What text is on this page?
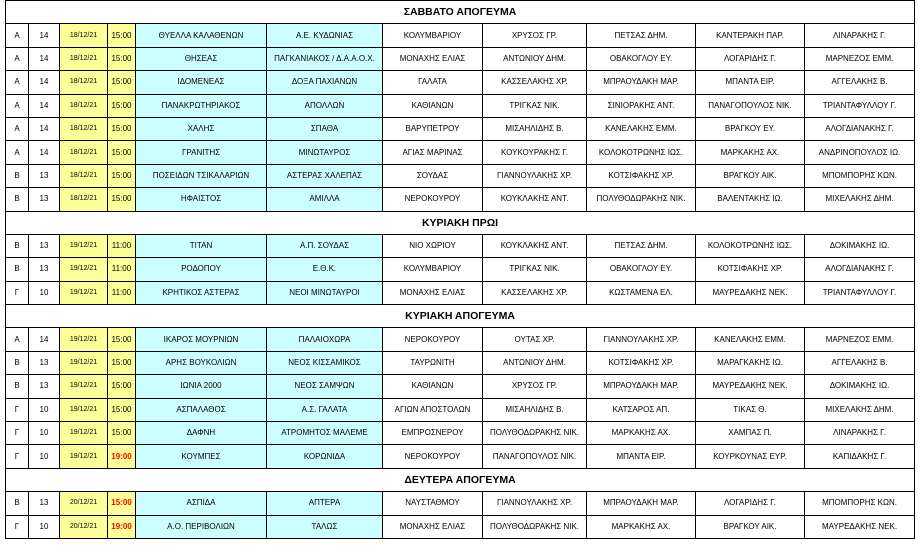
ΣΑΒΒΑΤΟ ΑΠΟΓΕΥΜΑ										
Α	14	18/12/21	15:00	ΘΥΕΛΛΑ ΚΑΛΑΘΕΝΩΝ	Α.Ε. ΚΥΔΩΝΙΑΣ	ΚΟΛΥΜΒΑΡΙΟΥ	ΧΡΥΣΟΣ ΓΡ.	ΠΕΤΣΑΣ ΔΗΜ.	ΚΑΝΤΕΡΑΚΗ ΠΑΡ.	ΛΙΝΑΡΑΚΗΣ Γ.
Α	14	18/12/21	15:00	ΘΗΣΕΑΣ	ΠΑΓΚΑΝΙΑΚΟΣ / Δ.Α.Α.Ο.Χ.	ΜΟΝΑΧΗΣ ΕΛΙΑΣ	ΑΝΤΩΝΙΟΥ ΔΗΜ.	ΟΒΑΚΟΓΛΟΥ ΕΥ.	ΛΟΓΑΡΙΔΗΣ Γ.	ΜΑΡΝΕΖΟΣ ΕΜΜ.
Α	14	18/12/21	15:00	ΙΔΟΜΕΝΕΑΣ	ΔΟΞΑ ΠΑΧΙΑΝΩΝ	ΓΑΛΑΤΑ	ΚΑΣΣΕΛΑΚΗΣ ΧΡ.	ΜΠΡΑΟΥΔΑΚΗ ΜΑΡ.	ΜΠΑΝΤΑ ΕΙΡ.	ΑΓΓΕΛΑΚΗΣ Β.
Α	14	18/12/21	15:00	ΠΑΝΑΚΡΩΤΗΡΙΑΚΟΣ	ΑΠΟΛΛΩΝ	ΚΑΘΙΑΝΩΝ	ΤΡΙΓΚΑΣ ΝΙΚ.	ΣΙΝΙΟΡΑΚΗΣ ΑΝΤ.	ΠΑΝΑΓΟΠΟΥΛΟΣ ΝΙΚ.	ΤΡΙΑΝΤΑΦΥΛΛΟΥ Γ.
Α	14	18/12/21	15:00	ΧΑΛΗΣ	ΣΠΑΘΑ	ΒΑΡΥΠΕΤΡΟΥ	ΜΙΣΑΗΛΙΔΗΣ Β.	ΚΑΝΕΛΑΚΗΣ ΕΜΜ.	ΒΡΑΓΚΟΥ ΕΥ.	ΑΛΟΓΔΙΑΝΑΚΗΣ Γ.
Α	14	18/12/21	15:00	ΓΡΑΝΙΤΗΣ	ΜΙΝΩΤΑΥΡΟΣ	ΑΓΙΑΣ ΜΑΡΙΝΑΣ	ΚΟΥΚΟΥΡΑΚΗΣ Γ.	ΚΟΛΟΚΟΤΡΩΝΗΣ ΙΩΣ.	ΜΑΡΚΑΚΗΣ ΑΧ.	ΑΝΔΡΙΝΟΠΟΥΛΟΣ ΙΩ.
Β	13	18/12/21	15:00	ΠΟΣΕΙΔΩΝ ΤΣΙΚΑΛΑΡΙΩΝ	ΑΣΤΕΡΑΣ ΧΑΛΕΠΑΣ	ΣΟΥΔΑΣ	ΓΙΑΝΝΟΥΛΑΚΗΣ ΧΡ.	ΚΟΤΣΙΦΑΚΗΣ ΧΡ.	ΒΡΑΓΚΟΥ ΑΙΚ.	ΜΠΟΜΠΟΡΗΣ ΚΩΝ.
Β	13	18/12/21	15:00	ΗΦΑΙΣΤΟΣ	ΑΜΙΛΛΑ	ΝΕΡΟΚΟΥΡΟΥ	ΚΟΥΚΛΑΚΗΣ ΑΝΤ.	ΠΟΛΥΘΟΔΩΡΑΚΗΣ ΝΙΚ.	ΒΑΛΕΝΤΑΚΗΣ ΙΩ.	ΜΙΧΕΛΑΚΗΣ ΔΗΜ.
ΚΥΡΙΑΚΗ ΠΡΩΙ										
Β	13	19/12/21	11:00	ΤΙΤΑΝ	Α.Π. ΣΟΥΔΑΣ	ΝΙΟ ΧΩΡΙΟΥ	ΚΟΥΚΛΑΚΗΣ ΑΝΤ.	ΠΕΤΣΑΣ ΔΗΜ.	ΚΟΛΟΚΟΤΡΩΝΗΣ ΙΩΣ.	ΔΟΚΙΜΑΚΗΣ ΙΩ.
Β	13	19/12/21	11:00	ΡΟΔΟΠΟΥ	Ε.Θ.Κ.	ΚΟΛΥΜΒΑΡΙΟΥ	ΤΡΙΓΚΑΣ ΝΙΚ.	ΟΒΑΚΟΓΛΟΥ ΕΥ.	ΚΟΤΣΙΦΑΚΗΣ ΧΡ.	ΑΛΟΓΔΙΑΝΑΚΗΣ Γ.
Γ	10	19/12/21	11:00	ΚΡΗΤΙΚΟΣ ΑΣΤΕΡΑΣ	ΝΕΟΙ ΜΙΝΩΤΑΥΡΟΙ	ΜΟΝΑΧΗΣ ΕΛΙΑΣ	ΚΑΣΣΕΛΑΚΗΣ ΧΡ.	ΚΩΣΤΑΜΕΝΑ ΕΛ.	ΜΑΥΡΕΔΑΚΗΣ ΝΕΚ.	ΤΡΙΑΝΤΑΦΥΛΛΟΥ Γ.
ΚΥΡΙΑΚΗ ΑΠΟΓΕΥΜΑ										
Α	14	19/12/21	15:00	ΙΚΑΡΟΣ ΜΟΥΡΝΙΩΝ	ΠΑΛΑΙΟΧΩΡΑ	ΝΕΡΟΚΟΥΡΟΥ	ΟΥΤΑΣ ΧΡ.	ΓΙΑΝΝΟΥΛΑΚΗΣ ΧΡ.	ΚΑΝΕΛΑΚΗΣ ΕΜΜ.	ΜΑΡΝΕΖΟΣ ΕΜΜ.
Β	13	19/12/21	15:00	ΑΡΗΣ ΒΟΥΚΟΛΙΩΝ	ΝΕΟΣ ΚΙΣΣΑΜΙΚΟΣ	ΤΑΥΡΩΝΙΤΗ	ΑΝΤΩΝΙΟΥ ΔΗΜ.	ΚΟΤΣΙΦΑΚΗΣ ΧΡ.	ΜΑΡΑΓΚΑΚΗΣ ΙΩ.	ΑΓΓΕΛΑΚΗΣ Β.
Β	13	19/12/21	15:00	ΙΩΝΙΑ 2000	ΝΕΟΣ ΣΑΜΨΩΝ	ΚΑΘΙΑΝΩΝ	ΧΡΥΣΟΣ ΓΡ.	ΜΠΡΑΟΥΔΑΚΗ ΜΑΡ.	ΜΑΥΡΕΔΑΚΗΣ ΝΕΚ.	ΔΟΚΙΜΑΚΗΣ ΙΩ.
Γ	10	19/12/21	15:00	ΑΣΠΑΛΑΘΟΣ	Α.Σ. ΓΑΛΑΤΑ	ΑΓΙΩΝ ΑΠΟΣΤΟΛΩΝ	ΜΙΣΑΗΛΙΔΗΣ Β.	ΚΑΤΣΑΡΟΣ ΑΠ.	ΤΙΚΑΣ Θ.	ΜΙΧΕΛΑΚΗΣ ΔΗΜ.
Γ	10	19/12/21	15:00	ΔΑΦΝΗ	ΑΤΡΟΜΗΤΟΣ ΜΑΛΕΜΕ	ΕΜΠΡΟΣΝΕΡΟΥ	ΠΟΛΥΘΟΔΩΡΑΚΗΣ ΝΙΚ.	ΜΑΡΚΑΚΗΣ ΑΧ.	ΧΑΜΠΑΣ Π.	ΛΙΝΑΡΑΚΗΣ Γ.
Γ	10	19/12/21	19:00	ΚΟΥΜΠΕΣ	ΚΟΡΩΝΙΔΑ	ΝΕΡΟΚΟΥΡΟΥ	ΠΑΝΑΓΟΠΟΥΛΟΣ ΝΙΚ.	ΜΠΑΝΤΑ ΕΙΡ.	ΚΟΥΡΚΟΥΝΑΣ ΕΥΡ.	ΚΑΠΙΔΑΚΗΣ Γ.
ΔΕΥΤΕΡΑ ΑΠΟΓΕΥΜΑ										
Β	13	20/12/21	15:00	ΑΣΠΙΔΑ	ΑΠΤΕΡΑ	ΝΑΥΣΤΑΘΜΟΥ	ΓΙΑΝΝΟΥΛΑΚΗΣ ΧΡ.	ΜΠΡΑΟΥΔΑΚΗ ΜΑΡ.	ΛΟΓΑΡΙΔΗΣ Γ.	ΜΠΟΜΠΟΡΗΣ ΚΩΝ.
Γ	10	20/12/21	19:00	Α.Ο. ΠΕΡΙΒΟΛΙΩΝ	ΤΑΛΩΣ	ΜΟΝΑΧΗΣ ΕΛΙΑΣ	ΠΟΛΥΘΟΔΩΡΑΚΗΣ ΝΙΚ.	ΜΑΡΚΑΚΗΣ ΑΧ.	ΒΡΑΓΚΟΥ ΑΙΚ.	ΜΑΥΡΕΔΑΚΗΣ ΝΕΚ.
